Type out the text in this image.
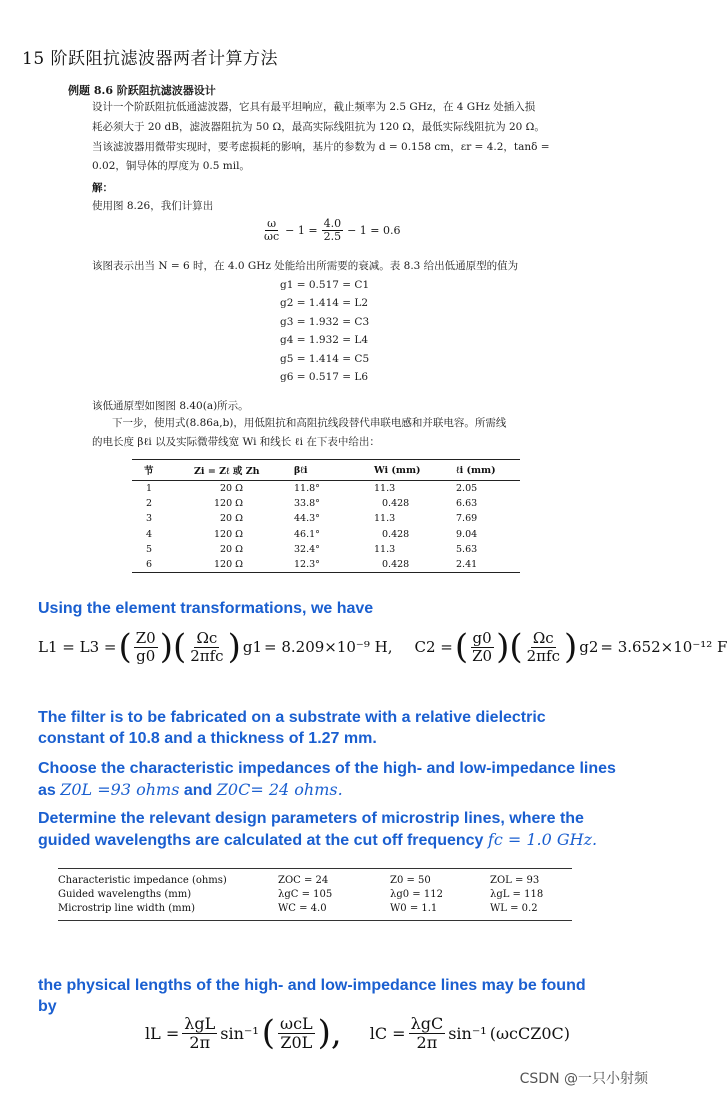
15 阶跃阻抗滤波器两者计算方法
例题 8.6 阶跃阻抗滤波器设计
设计一个阶跃阻抗低通滤波器，它具有最平坦响应，截止频率为 2.5 GHz，在 4 GHz 处插入损
耗必须大于 20 dB，滤波器阻抗为 50 Ω，最高实际线阻抗为 120 Ω，最低实际线阻抗为 20 Ω。
当该滤波器用微带实现时，要考虑损耗的影响，基片的参数为 d = 0.158 cm，εr = 4.2，tanδ =
0.02，铜导体的厚度为 0.5 mil。
解：
使用图 8.26，我们计算出
$\frac{\omega}{\omega c} - 1 = \frac{4.0}{2.5} - 1 = 0.6$
该图表示出当 N = 6 时，在 4.0 GHz 处能给出所需要的衰减。表 8.3 给出低通原型的值为
g1 = 0.517 = C1
g2 = 1.414 = L2
g3 = 1.932 = C3
g4 = 1.932 = L4
g5 = 1.414 = C5
g6 = 0.517 = L6
该低通原型如图图 8.40(a)所示。
下一步，使用式(8.86a,b)，用低阻抗和高阻抗线段替代串联电感和并联电容。所需线
的电长度 βℓi 以及实际微带线宽 Wi 和线长 ℓi 在下表中给出：
节	Zi = Zℓ 或 Zh	βℓi	Wi (mm)	ℓi (mm)
1	20 Ω	11.8°	11.3	2.05
2	120 Ω	33.8°	0.428	6.63
3	20 Ω	44.3°	11.3	7.69
4	120 Ω	46.1°	0.428	9.04
5	20 Ω	32.4°	11.3	5.63
6	120 Ω	12.3°	0.428	2.41
Using the element transformations, we have
L1 = L3 = ( $\frac{Z0}{g0}$ )( $\frac{\Omega c}{\text{2πfc}}$ ) g1 = 8.209×10⁻⁹ H, C2 = ( $\frac{g0}{Z0}$ )( $\frac{\Omega c}{\text{2πfc}}$ ) g2 = 3.652×10⁻¹² F
The filter is to be fabricated on a substrate with a relative dielectric constant of 10.8 and a thickness of 1.27 mm.
Choose the characteristic impedances of the high- and low-impedance lines as Z0L =93 ohms and Z0C= 24 ohms.
Determine the relevant design parameters of microstrip lines, where the guided wavelengths are calculated at the cut off frequency fc = 1.0 GHz.
Characteristic impedance (ohms)	ZOC = 24	Z0 = 50	ZOL = 93
Guided wavelengths (mm)	λgC = 105	λg0 = 112	λgL = 118
Microstrip line width (mm)	WC = 4.0	W0 = 1.1	WL = 0.2
the physical lengths of the high- and low-impedance lines may be found by
lL = $\frac{\text{λgL}}{2\pi} \sin^{-1}$ ( $\frac{\text{ωcL}}{Z0L}$ ), lC = $\frac{\text{λgC}}{2\pi} \sin^{-1}$ (ωcCZ0C)
CSDN @一只小射频
